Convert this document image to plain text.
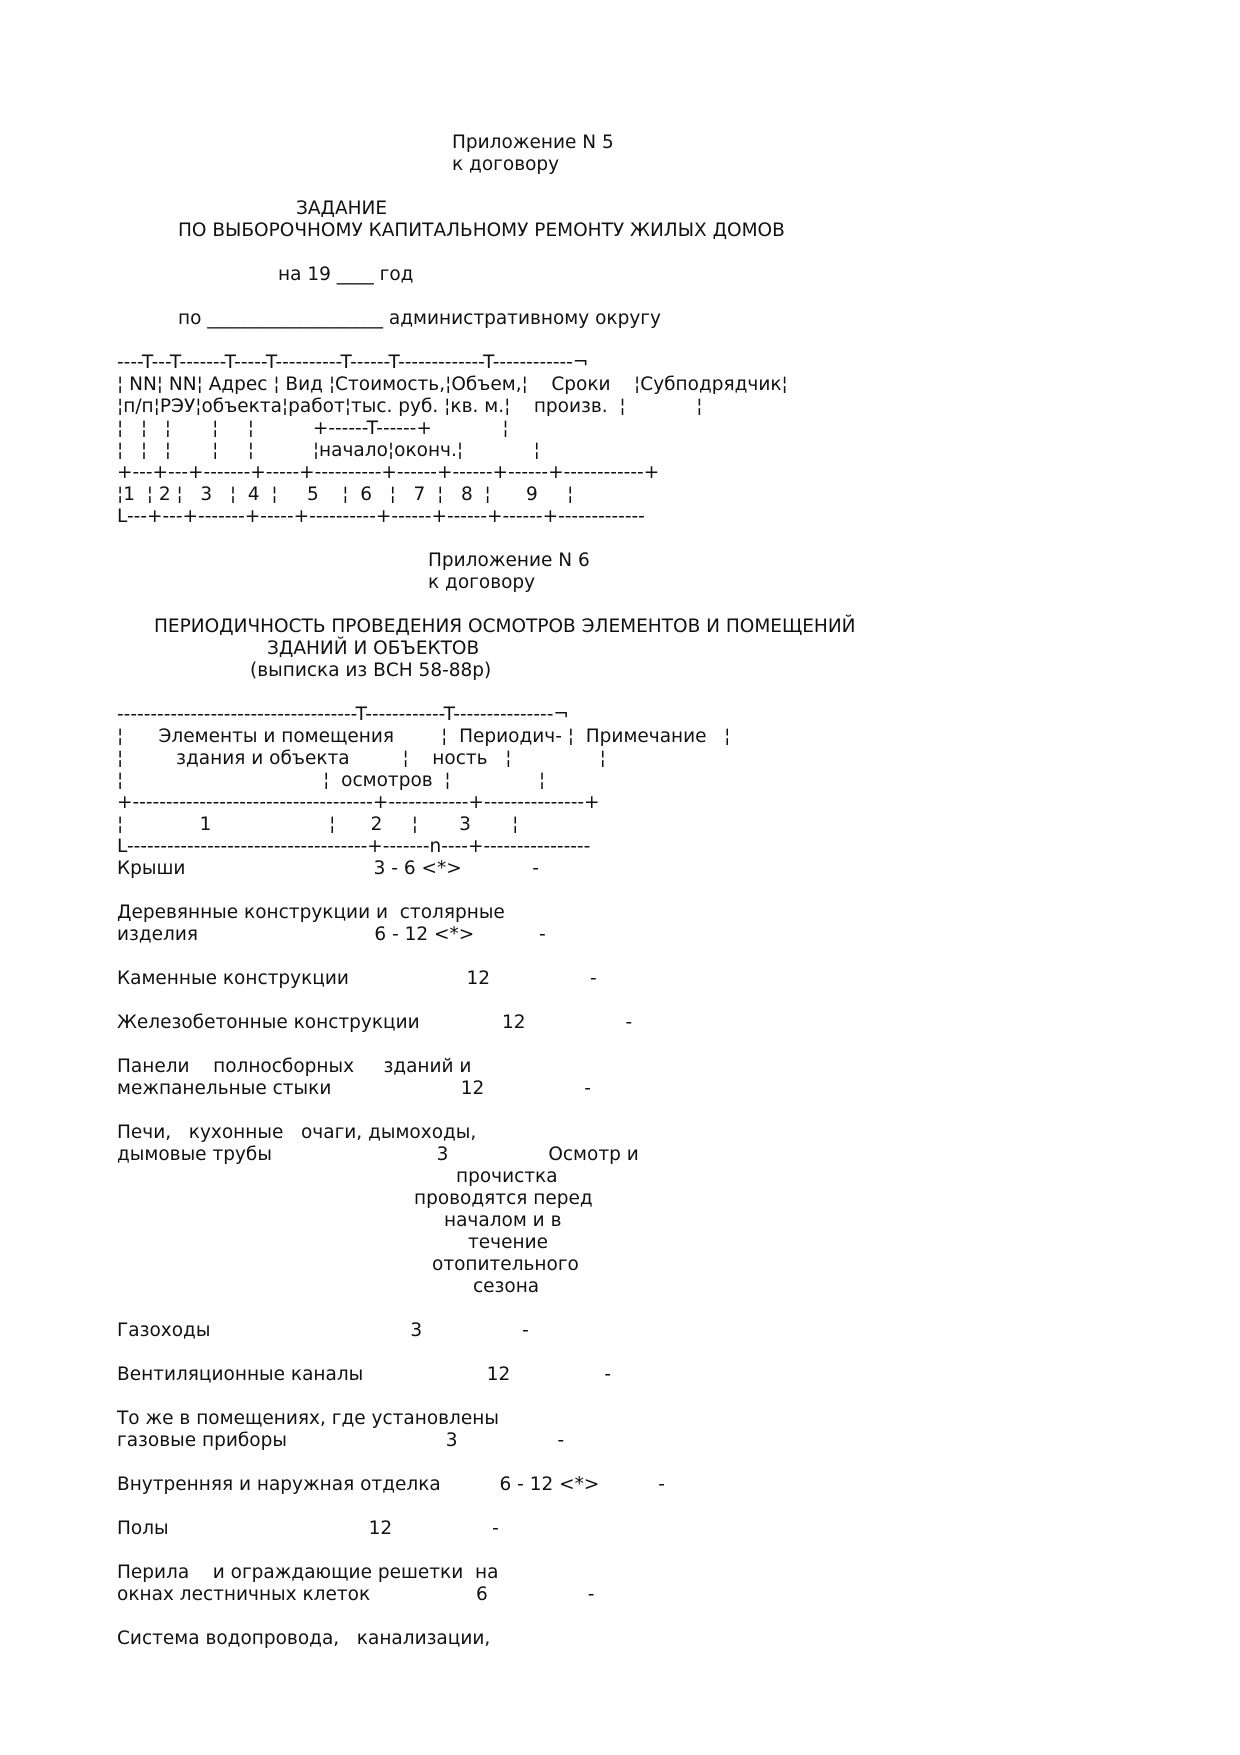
Приложение N 5
к договору
ЗАДАНИЕ
ПО ВЫБОРОЧНОМУ КАПИТАЛЬНОМУ РЕМОНТУ ЖИЛЫХ ДОМОВ
на 19 ____ год
по ___________________ административному округу
----T---T-------T-----T----------T------T-------------T------------¬
¦ NN¦ NN¦ Адрес ¦ Вид ¦Стоимость,¦Объем,¦    Сроки    ¦Субподрядчик¦
¦п/п¦РЭУ¦объекта¦работ¦тыс. руб. ¦кв. м.¦    произв.  ¦            ¦
¦   ¦   ¦       ¦     ¦          +------T------+            ¦
¦   ¦   ¦       ¦     ¦          ¦начало¦оконч.¦            ¦
+---+---+-------+-----+----------+------+------+------+------------+
¦1  ¦ 2 ¦   3   ¦  4  ¦     5    ¦  6   ¦   7  ¦   8  ¦      9     ¦
L---+---+-------+-----+----------+------+------+------+-------------
Приложение N 6
к договору
ПЕРИОДИЧНОСТЬ ПРОВЕДЕНИЯ ОСМОТРОВ ЭЛЕМЕНТОВ И ПОМЕЩЕНИЙ
ЗДАНИЙ И ОБЪЕКТОВ
(выписка из ВСН 58-88р)
------------------------------------T------------T---------------¬
¦      Элементы и помещения        ¦  Периодич- ¦  Примечание   ¦
¦         здания и объекта         ¦    ность   ¦               ¦
¦                                  ¦  осмотров  ¦               ¦
+------------------------------------+------------+---------------+
¦             1                    ¦      2     ¦       3       ¦
L------------------------------------+-------n----+----------------
Крыши                                3 - 6 <*>            -
Деревянные конструкции и  столярные
изделия                              6 - 12 <*>           -
Каменные конструкции                    12                 -
Железобетонные конструкции              12                 -
Панели    полносборных     зданий и
межпанельные стыки                      12                 -
Печи,   кухонные   очаги, дымоходы,
дымовые трубы                            3                 Осмотр и
прочистка
проводятся перед
началом и в
течение
отопительного
сезона
Газоходы                                  3                 -
Вентиляционные каналы                     12                -
То же в помещениях, где установлены
газовые приборы                           3                 -
Внутренняя и наружная отделка          6 - 12 <*>          -
Полы                                  12                 -
Перила    и ограждающие решетки  на
окнах лестничных клеток                  6                 -
Система водопровода,   канализации,
